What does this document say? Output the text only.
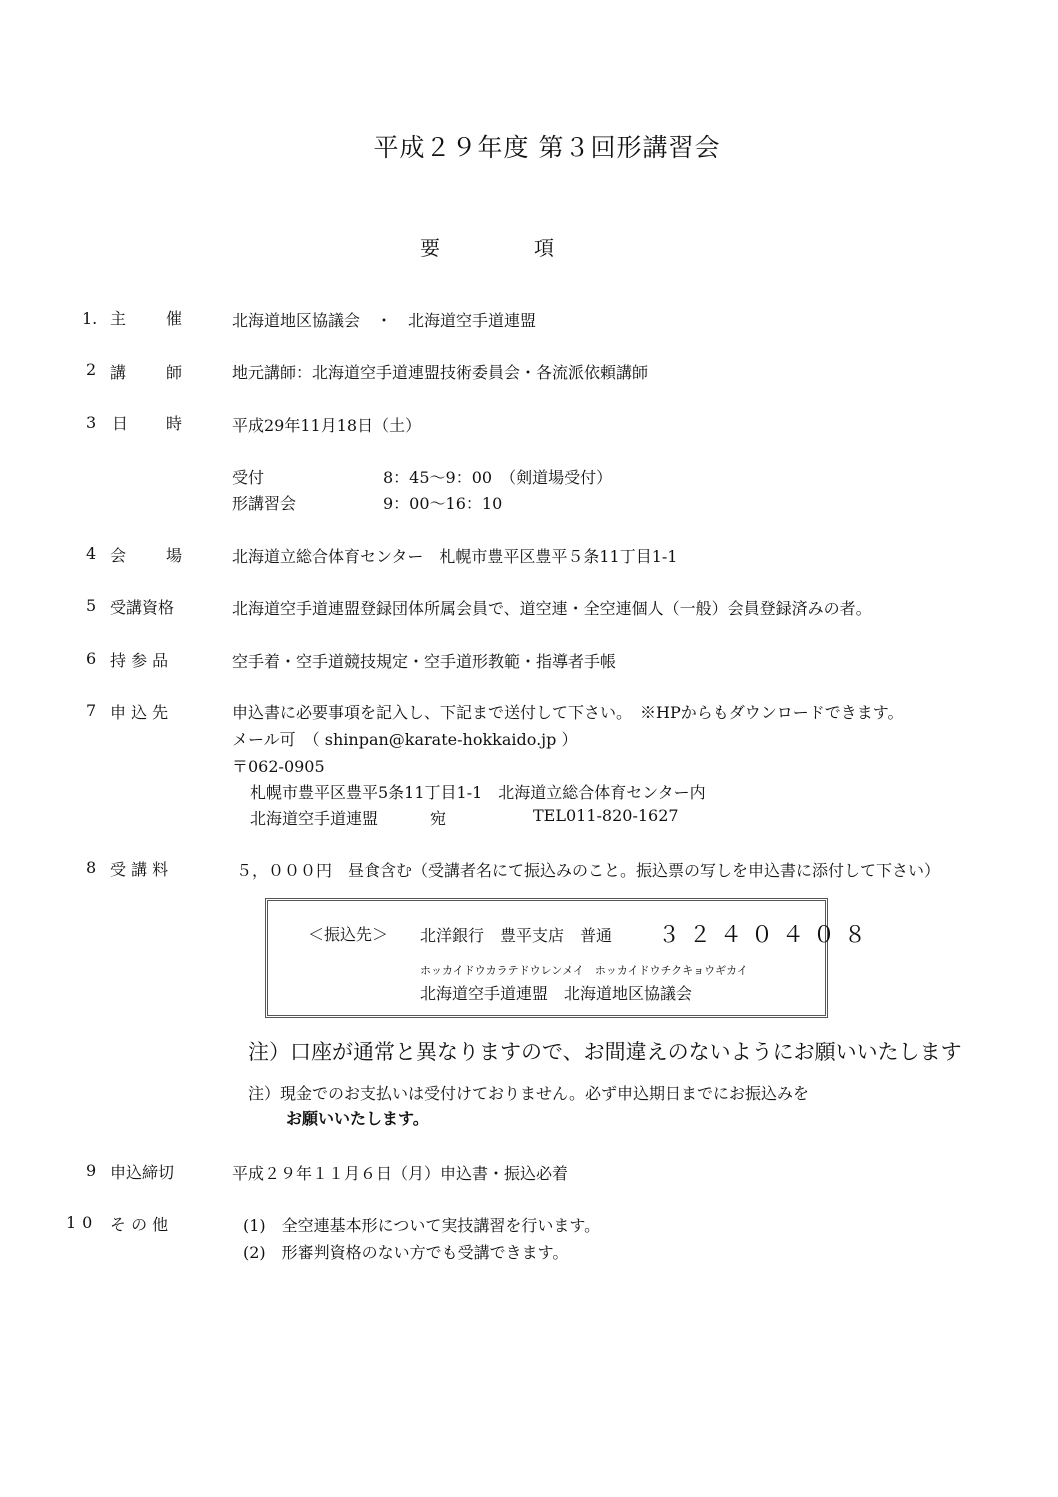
平成２９年度 第３回形講習会
要	項
1. 主 催	北海道地区協議会　・　北海道空手道連盟
2 講 師	地元講師：北海道空手道連盟技術委員会・各流派依頼講師
3 日 時	平成29年11月18日（土）
受付	8：45〜9：00　（剣道場受付）
形講習会	9：00〜16：10
4 会 場	北海道立総合体育センター　札幌市豊平区豊平５条11丁目1-1
5 受講資格	北海道空手道連盟登録団体所属会員で、道空連・全空連個人（一般）会員登録済みの者。
6 持 参 品	空手着・空手道競技規定・空手道形教範・指導者手帳
7 申 込 先	申込書に必要事項を記入し、下記まで送付して下さい。　※HPからもダウンロードできます。
メール可　（ shinpan@karate-hokkaido.jp ）
〒062-0905
札幌市豊平区豊平5条11丁目1-1　北海道立総合体育センター内
北海道空手道連盟	宛	TEL011-820-1627
8 受 講 料	５，０００円　昼食含む（受講者名にて振込みのこと。振込票の写しを申込書に添付して下さい）
＜振込先＞ 北洋銀行　豊平支店　普通 ３２４０４０８
ホッカイドウカラテドウレンメイ　ホッカイドウチクキョウギカイ
北海道空手道連盟　北海道地区協議会
注）口座が通常と異なりますので、お間違えのないようにお願いいたします
注）現金でのお支払いは受付けておりません。必ず申込期日までにお振込みを
お願いいたします。
9 申込締切	平成２９年１１月６日（月）申込書・振込必着
10 そ の 他	(1)　全空連基本形について実技講習を行います。
(2)　形審判資格のない方でも受講できます。
